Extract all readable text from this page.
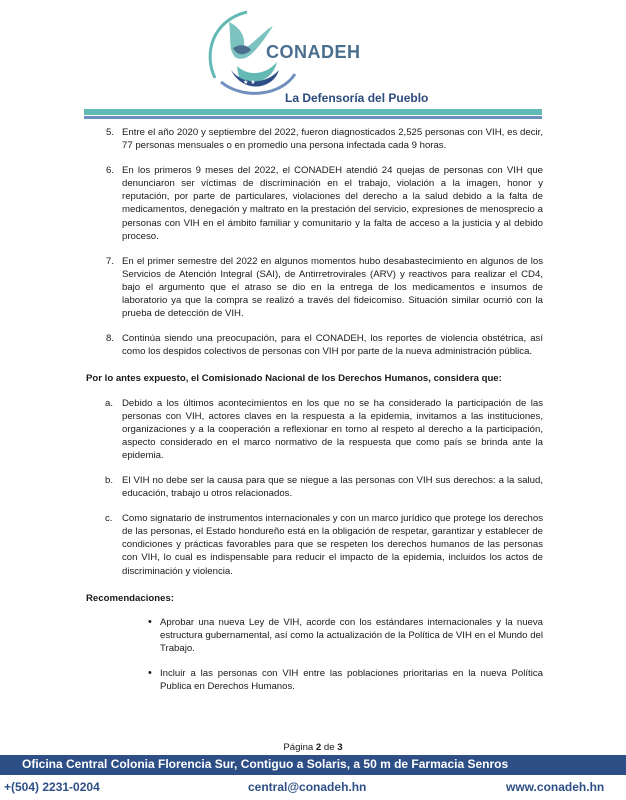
★ ★
★
CONADEH
La Defensoría del Pueblo
5. Entre el año 2020 y septiembre del 2022, fueron diagnosticados 2,525 personas con VIH, es decir, 77 personas mensuales o en promedio una persona infectada cada 9 horas.
6. En los primeros 9 meses del 2022, el CONADEH atendió 24 quejas de personas con VIH que denunciaron ser víctimas de discriminación en el trabajo, violación a la imagen, honor y reputación, por parte de particulares, violaciones del derecho a la salud debido a la falta de medicamentos, denegación y maltrato en la prestación del servicio, expresiones de menosprecio a personas con VIH en el ámbito familiar y comunitario y la falta de acceso a la justicia y al debido proceso.
7. En el primer semestre del 2022 en algunos momentos hubo desabastecimiento en algunos de los Servicios de Atención Integral (SAI), de Antirretrovirales (ARV) y reactivos para realizar el CD4, bajo el argumento que el atraso se dio en la entrega de los medicamentos e insumos de laboratorio ya que la compra se realizó a través del fideicomiso. Situación similar ocurrió con la prueba de detección de VIH.
8. Continúa siendo una preocupación, para el CONADEH, los reportes de violencia obstétrica, así como los despidos colectivos de personas con VIH por parte de la nueva administración pública.
Por lo antes expuesto, el Comisionado Nacional de los Derechos Humanos, considera que:
a. Debido a los últimos acontecimientos en los que no se ha considerado la participación de las personas con VIH, actores claves en la respuesta a la epidemia, invitamos a las instituciones, organizaciones y a la cooperación a reflexionar en torno al respeto al derecho a la participación, aspecto considerado en el marco normativo de la respuesta que como país se brinda ante la epidemia.
b. El VIH no debe ser la causa para que se niegue a las personas con VIH sus derechos: a la salud, educación, trabajo u otros relacionados.
c. Como signatario de instrumentos internacionales y con un marco jurídico que protege los derechos de las personas, el Estado hondureño está en la obligación de respetar, garantizar y establecer de condiciones y prácticas favorables para que se respeten los derechos humanos de las personas con VIH, lo cual es indispensable para reducir el impacto de la epidemia, incluidos los actos de discriminación y violencia.
Recomendaciones:
• Aprobar una nueva Ley de VIH, acorde con los estándares internacionales y la nueva estructura gubernamental, así como la actualización de la Política de VIH en el Mundo del Trabajo.
• Incluir a las personas con VIH entre las poblaciones prioritarias en la nueva Política Publica en Derechos Humanos.
Página 2 de 3
Oficina Central Colonia Florencia Sur, Contiguo a Solaris, a 50 m de Farmacia Senros
+(504) 2231-0204	central@conadeh.hn	www.conadeh.hn
